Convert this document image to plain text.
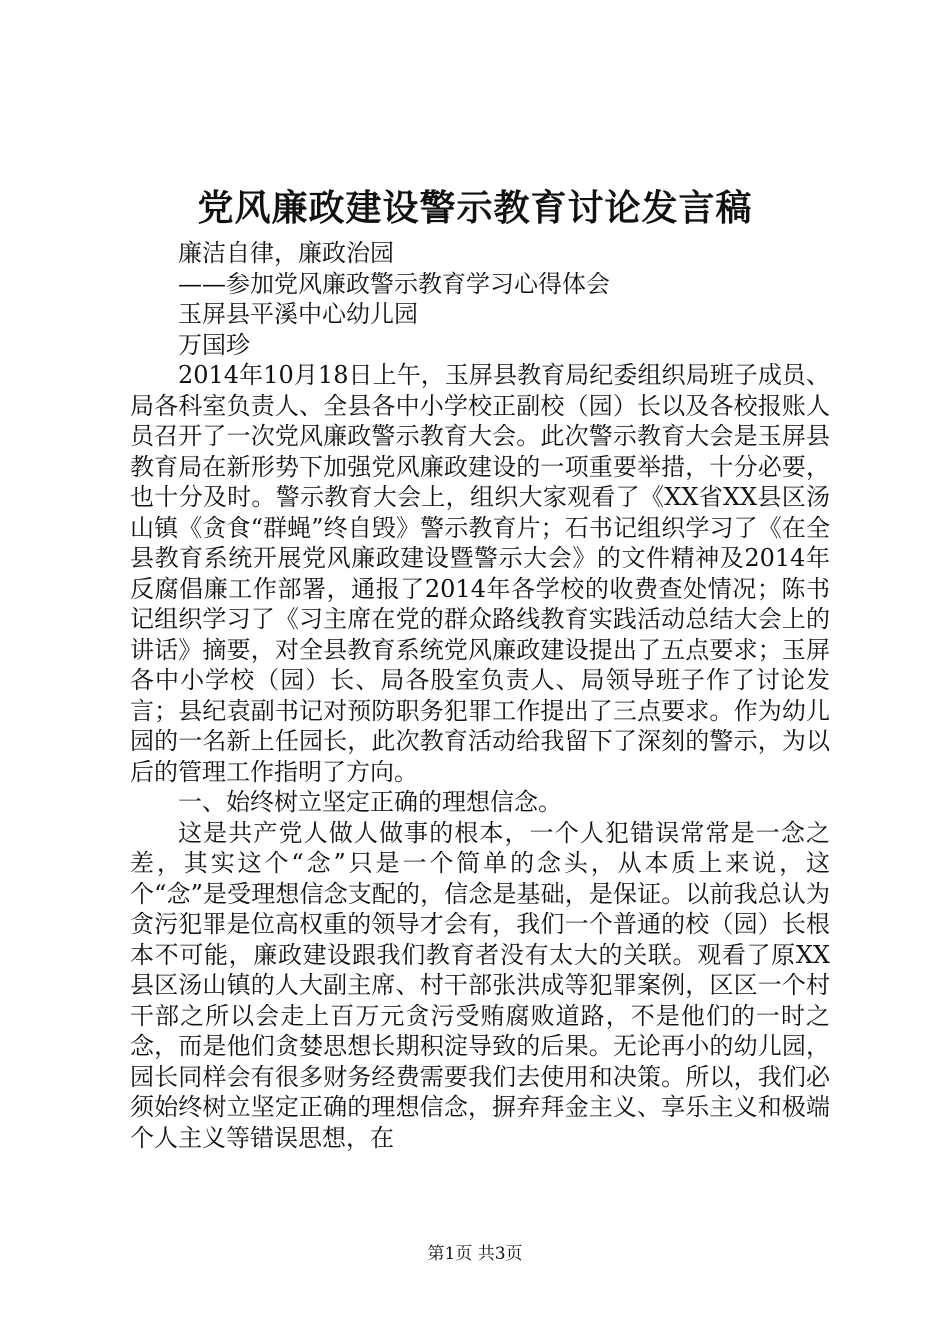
党风廉政建设警示教育讨论发言稿

廉洁自律，廉政治园

——参加党风廉政警示教育学习心得体会

玉屏县平溪中心幼儿园

万国珍

2014年10月18日上午，玉屏县教育局纪委组织局班子成员、局各科室负责人、全县各中小学校正副校（园）长以及各校报账人员召开了一次党风廉政警示教育大会。此次警示教育大会是玉屏县教育局在新形势下加强党风廉政建设的一项重要举措，十分必要，也十分及时。警示教育大会上，组织大家观看了《XX省XX县区汤山镇《贪食“群蝇”终自毁》警示教育片；石书记组织学习了《在全县教育系统开展党风廉政建设暨警示大会》的文件精神及2014年反腐倡廉工作部署，通报了2014年各学校的收费查处情况；陈书记组织学习了《习主席在党的群众路线教育实践活动总结大会上的讲话》摘要，对全县教育系统党风廉政建设提出了五点要求；玉屏各中小学校（园）长、局各股室负责人、局领导班子作了讨论发言；县纪袁副书记对预防职务犯罪工作提出了三点要求。作为幼儿园的一名新上任园长，此次教育活动给我留下了深刻的警示，为以后的管理工作指明了方向。

一、始终树立坚定正确的理想信念。

这是共产党人做人做事的根本，一个人犯错误常常是一念之差，其实这个“念”只是一个简单的念头，从本质上来说，这个“念”是受理想信念支配的，信念是基础，是保证。以前我总认为贪污犯罪是位高权重的领导才会有，我们一个普通的校（园）长根本不可能，廉政建设跟我们教育者没有太大的关联。观看了原XX县区汤山镇的人大副主席、村干部张洪成等犯罪案例，区区一个村干部之所以会走上百万元贪污受贿腐败道路，不是他们的一时之念，而是他们贪婪思想长期积淀导致的后果。无论再小的幼儿园，园长同样会有很多财务经费需要我们去使用和决策。所以，我们必须始终树立坚定正确的理想信念，摒弃拜金主义、享乐主义和极端个人主义等错误思想，在

第1页 共3页
